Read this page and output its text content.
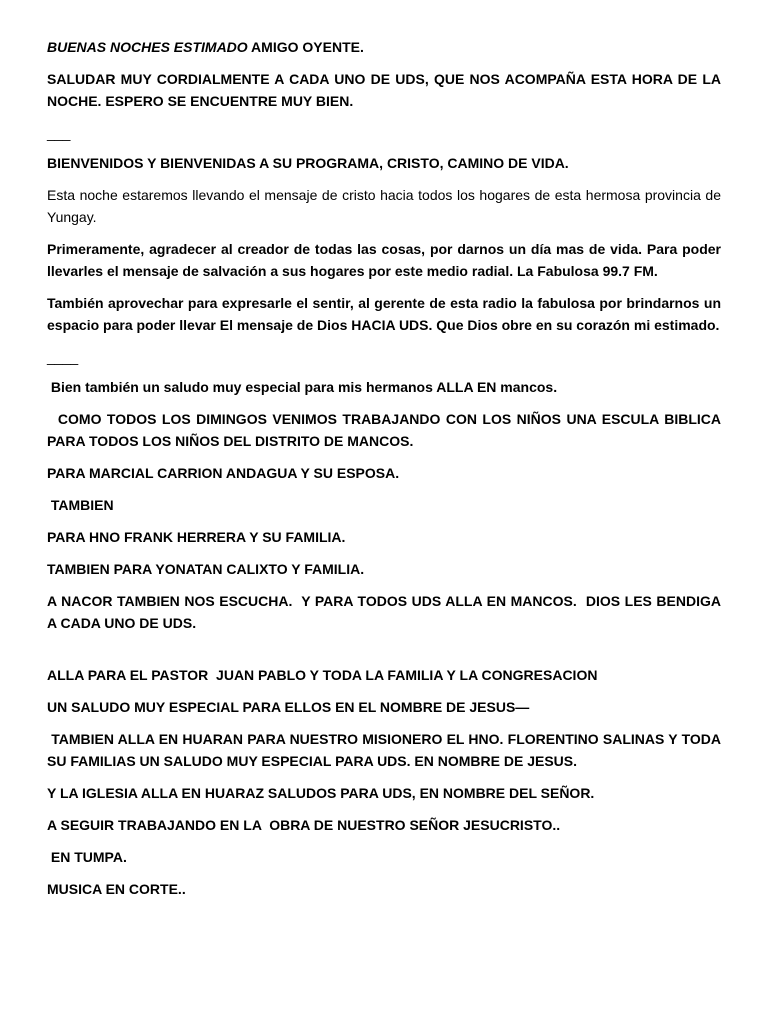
BUENAS NOCHES ESTIMADO AMIGO OYENTE.

SALUDAR MUY CORDIALMENTE A CADA UNO DE UDS, QUE NOS ACOMPAÑA ESTA HORA DE LA NOCHE. ESPERO SE ENCUENTRE MUY BIEN.

___

BIENVENIDOS Y BIENVENIDAS A SU PROGRAMA, CRISTO, CAMINO DE VIDA.

Esta noche estaremos llevando el mensaje de cristo hacia todos los hogares de esta hermosa provincia de Yungay.

Primeramente, agradecer al creador de todas las cosas, por darnos un día mas de vida. Para poder llevarles el mensaje de salvación a sus hogares por este medio radial. La Fabulosa 99.7 FM.

También aprovechar para expresarle el sentir, al gerente de esta radio la fabulosa por brindarnos un espacio para poder llevar El mensaje de Dios HACIA UDS. Que Dios obre en su corazón mi estimado.

____

Bien también un saludo muy especial para mis hermanos ALLA EN mancos.

COMO TODOS LOS DIMINGOS VENIMOS TRABAJANDO CON LOS NIÑOS UNA ESCULA BIBLICA PARA TODOS LOS NIÑOS DEL DISTRITO DE MANCOS.

PARA MARCIAL CARRION ANDAGUA Y SU ESPOSA.

TAMBIEN

PARA HNO FRANK HERRERA Y SU FAMILIA.

TAMBIEN PARA YONATAN CALIXTO Y FAMILIA.

A NACOR TAMBIEN NOS ESCUCHA.  Y PARA TODOS UDS ALLA EN MANCOS.  DIOS LES BENDIGA  A CADA UNO DE UDS.

ALLA PARA EL PASTOR  JUAN PABLO Y TODA LA FAMILIA Y LA CONGRESACION

UN SALUDO MUY ESPECIAL PARA ELLOS EN EL NOMBRE DE JESUS—

TAMBIEN ALLA EN HUARAN PARA NUESTRO MISIONERO EL HNO. FLORENTINO SALINAS Y TODA SU FAMILIAS UN SALUDO MUY ESPECIAL PARA UDS. EN NOMBRE DE JESUS.

Y LA IGLESIA ALLA EN HUARAZ SALUDOS PARA UDS, EN NOMBRE DEL SEÑOR.

A SEGUIR TRABAJANDO EN LA  OBRA DE NUESTRO SEÑOR JESUCRISTO..

EN TUMPA.

MUSICA EN CORTE..
